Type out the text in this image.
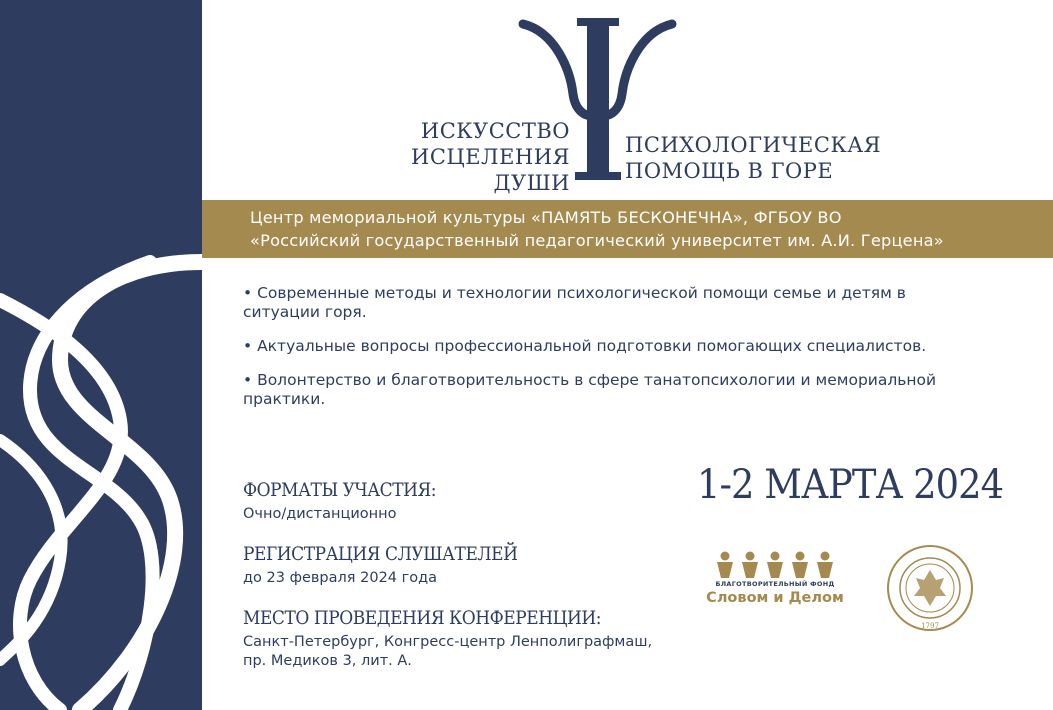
ИСКУССТВО
ИСЦЕЛЕНИЯ ДУШИ
ПСИХОЛОГИЧЕСКАЯ
ПОМОЩЬ В ГОРЕ
Центр мемориальной культуры «ПАМЯТЬ БЕСКОНЕЧНА», ФГБОУ ВО
«Российский государственный педагогический университет им. А.И. Герцена»
• Современные методы и технологии психологической помощи семье и детям в ситуации горя.
• Актуальные вопросы профессиональной подготовки помогающих специалистов.
• Волонтерство и благотворительность в сфере танатопсихологии и мемориальной практики.
ФОРМАТЫ УЧАСТИЯ:
Очно/дистанционно
РЕГИСТРАЦИЯ СЛУШАТЕЛЕЙ
до 23 февраля 2024 года
МЕСТО ПРОВЕДЕНИЯ КОНФЕРЕНЦИИ:
Санкт-Петербург, Конгресс-центр Ленполиграфмаш,
пр. Медиков 3, лит. А.
1-2 МАРТА 2024
БЛАГОТВОРИТЕЛЬНЫЙ ФОНД
Словом и Делом
1797
